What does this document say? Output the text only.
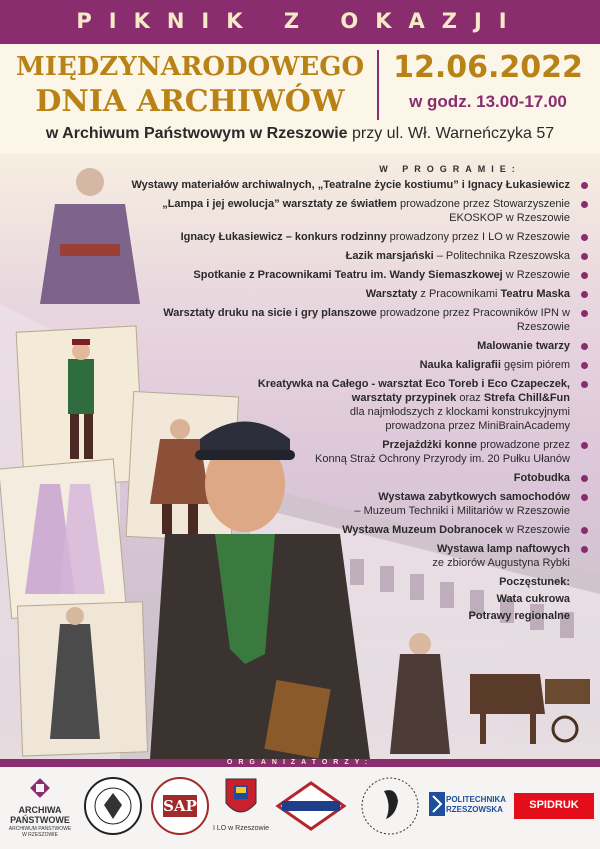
PIKNIK Z OKAZJI
MIĘDZYNARODOWEGO
DNIA ARCHIWÓW
12.06.2022
w godz. 13.00-17.00
w Archiwum Państwowym w Rzeszowie przy ul. Wł. Warneńczyka 57
W PROGRAMIE:
Wystawy materiałów archiwalnych, „Teatralne życie kostiumu” i Ignacy Łukasiewicz
„Lampa i jej ewolucja” warsztaty ze światłem prowadzone przez Stowarzyszenie EKOSKOP w Rzeszowie
Ignacy Łukasiewicz – konkurs rodzinny prowadzony przez I LO w Rzeszowie
Łazik marsjański – Politechnika Rzeszowska
Spotkanie z Pracownikami Teatru im. Wandy Siemaszkowej w Rzeszowie
Warsztaty z Pracownikami Teatru Maska
Warsztaty druku na sicie i gry planszowe prowadzone przez Pracowników IPN w Rzeszowie
Malowanie twarzy
Nauka kaligrafii gęsim piórem
Kreatywka na Całego - warsztat Eco Toreb i Eco Czapeczek,
warsztaty przypinek oraz Strefa Chill&Fun
dla najmłodszych z klockami konstrukcyjnymi
prowadzona przez MiniBrainAcademy
Przejażdżki konne prowadzone przez
Konną Straż Ochrony Przyrody im. 20 Pułku Ułanów
Fotobudka
Wystawa zabytkowych samochodów
– Muzeum Techniki i Militariów w Rzeszowie
Wystawa Muzeum Dobranocek w Rzeszowie
Wystawa lamp naftowych
ze zbiorów Augustyna Rybki
Poczęstunek:
Wata cukrowa
Potrawy regionalne
ORGANIZATORZY:
ARCHIWA
PAŃSTWOWE
ARCHIWUM PAŃSTWOWE W RZESZOWIE
SAP
I LO w Rzeszowie
POLITECHNIKA
RZESZOWSKA	SPIDRUK
